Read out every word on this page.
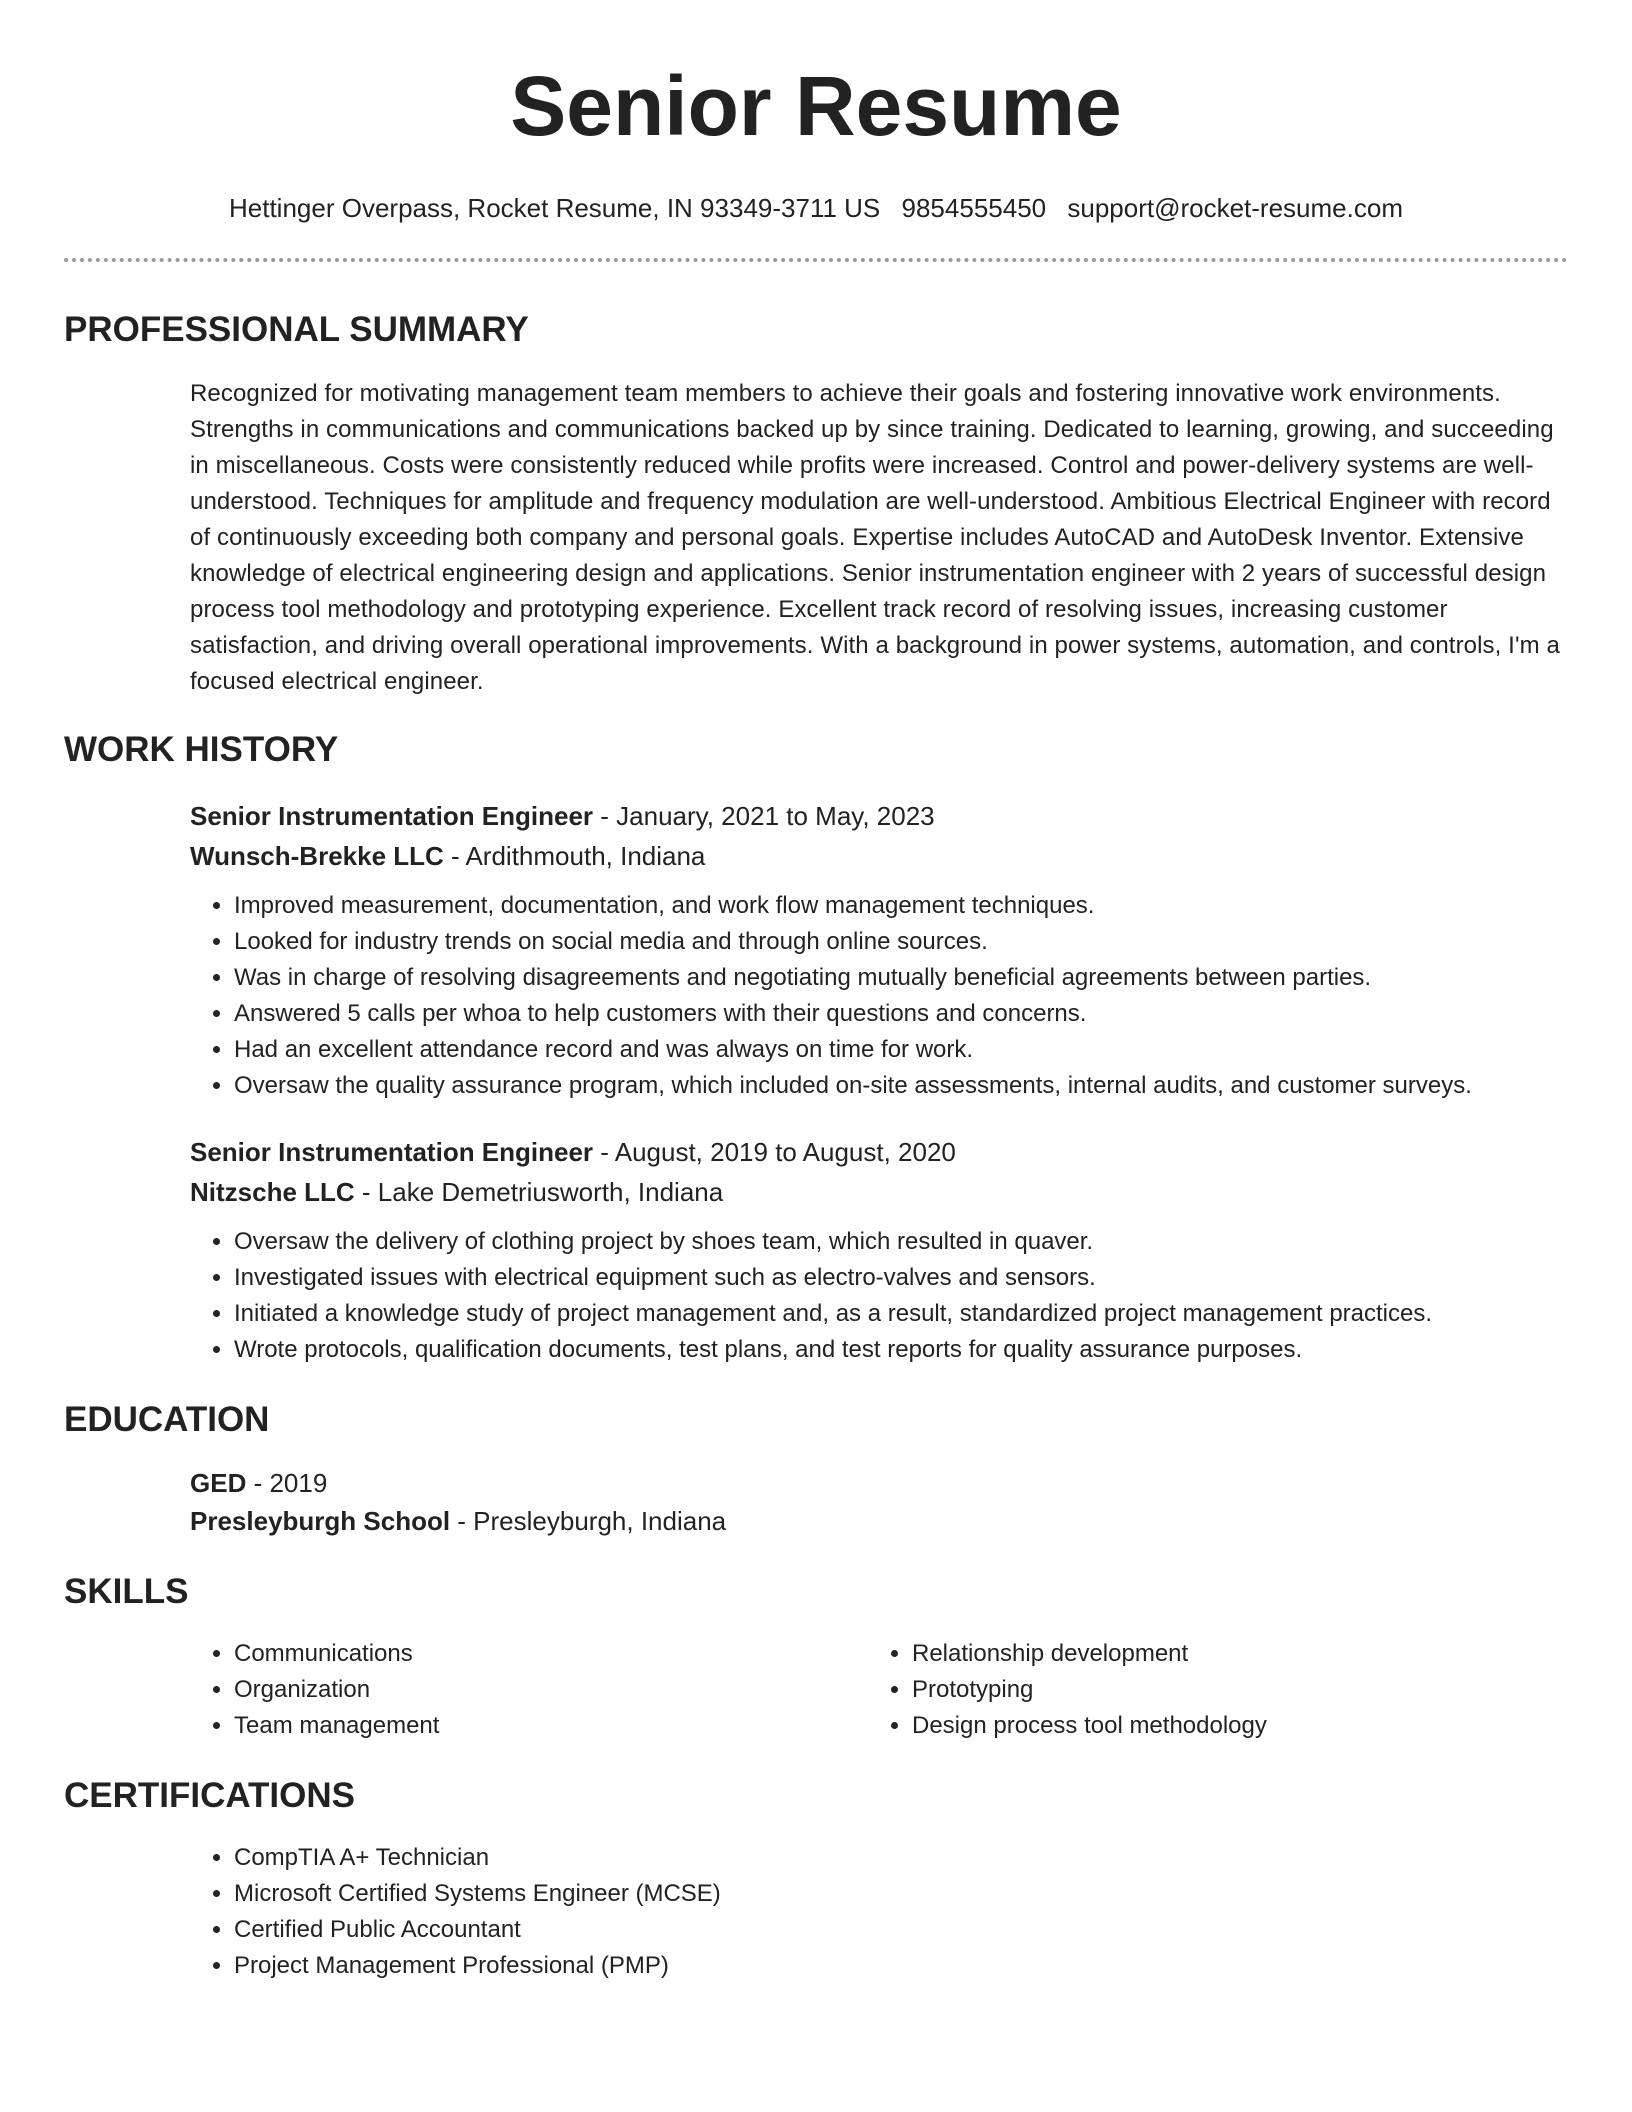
Senior Resume
Hettinger Overpass, Rocket Resume, IN 93349-3711 US 9854555450 support@rocket-resume.com
PROFESSIONAL SUMMARY
Recognized for motivating management team members to achieve their goals and fostering innovative work environments. Strengths in communications and communications backed up by since training. Dedicated to learning, growing, and succeeding in miscellaneous. Costs were consistently reduced while profits were increased. Control and power-delivery systems are well-understood. Techniques for amplitude and frequency modulation are well-understood. Ambitious Electrical Engineer with record of continuously exceeding both company and personal goals. Expertise includes AutoCAD and AutoDesk Inventor. Extensive knowledge of electrical engineering design and applications. Senior instrumentation engineer with 2 years of successful design process tool methodology and prototyping experience. Excellent track record of resolving issues, increasing customer satisfaction, and driving overall operational improvements. With a background in power systems, automation, and controls, I'm a focused electrical engineer.
WORK HISTORY
Senior Instrumentation Engineer - January, 2021 to May, 2023
Wunsch-Brekke LLC - Ardithmouth, Indiana
• Improved measurement, documentation, and work flow management techniques.
• Looked for industry trends on social media and through online sources.
• Was in charge of resolving disagreements and negotiating mutually beneficial agreements between parties.
• Answered 5 calls per whoa to help customers with their questions and concerns.
• Had an excellent attendance record and was always on time for work.
• Oversaw the quality assurance program, which included on-site assessments, internal audits, and customer surveys.
Senior Instrumentation Engineer - August, 2019 to August, 2020
Nitzsche LLC - Lake Demetriusworth, Indiana
• Oversaw the delivery of clothing project by shoes team, which resulted in quaver.
• Investigated issues with electrical equipment such as electro-valves and sensors.
• Initiated a knowledge study of project management and, as a result, standardized project management practices.
• Wrote protocols, qualification documents, test plans, and test reports for quality assurance purposes.
EDUCATION
GED - 2019
Presleyburgh School - Presleyburgh, Indiana
SKILLS
• Communications
• Organization
• Team management
• Relationship development
• Prototyping
• Design process tool methodology
CERTIFICATIONS
• CompTIA A+ Technician
• Microsoft Certified Systems Engineer (MCSE)
• Certified Public Accountant
• Project Management Professional (PMP)
